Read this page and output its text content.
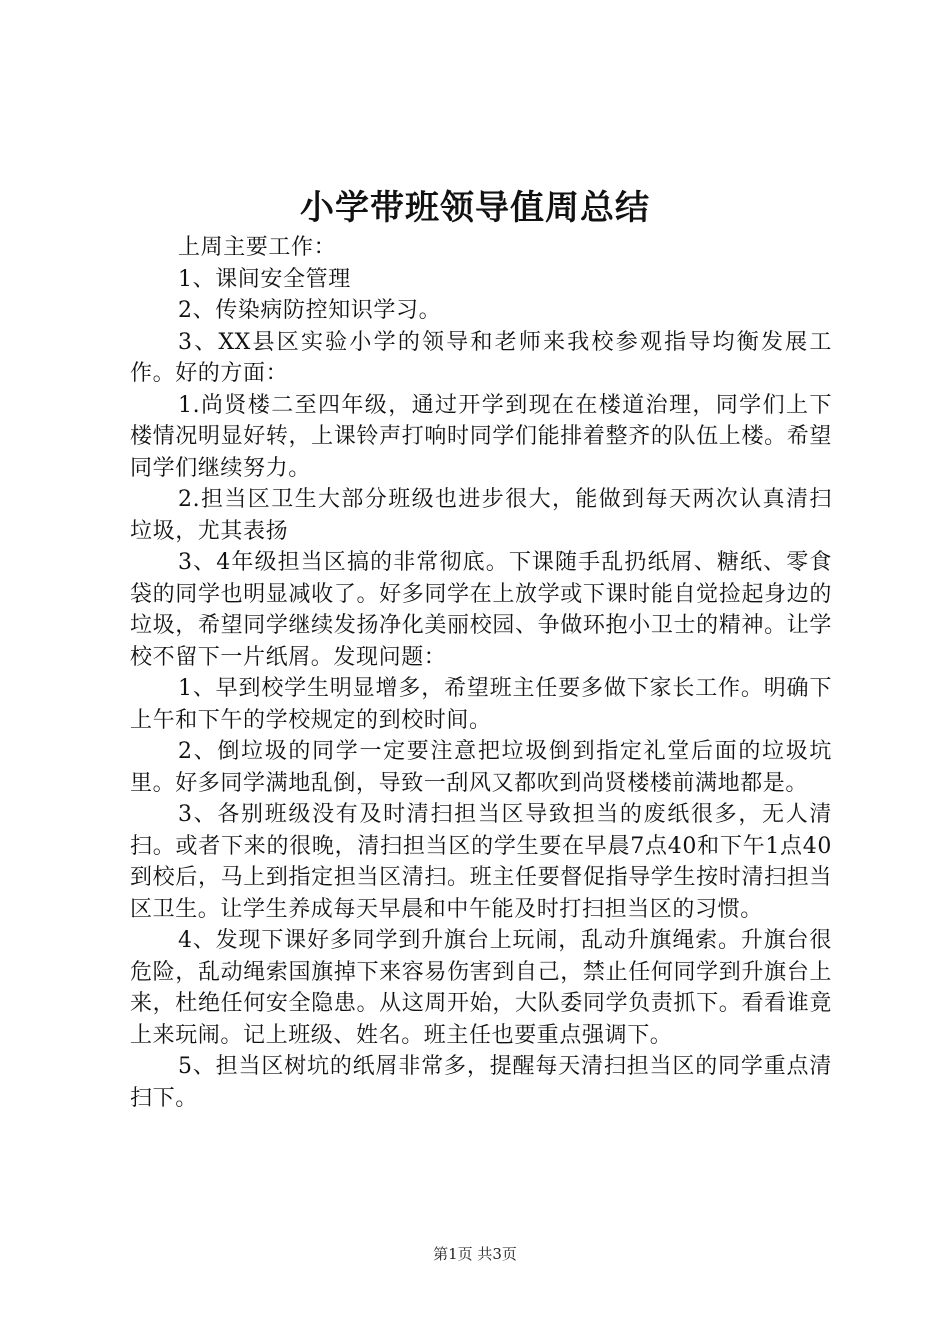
小学带班领导值周总结

上周主要工作：

1、课间安全管理

2、传染病防控知识学习。

3、XX县区实验小学的领导和老师来我校参观指导均衡发展工作。好的方面：

1.尚贤楼二至四年级，通过开学到现在在楼道治理，同学们上下楼情况明显好转，上课铃声打响时同学们能排着整齐的队伍上楼。希望同学们继续努力。

2.担当区卫生大部分班级也进步很大，能做到每天两次认真清扫垃圾，尤其表扬

3、4年级担当区搞的非常彻底。下课随手乱扔纸屑、糖纸、零食袋的同学也明显减收了。好多同学在上放学或下课时能自觉捡起身边的垃圾，希望同学继续发扬净化美丽校园、争做环抱小卫士的精神。让学校不留下一片纸屑。发现问题：

1、早到校学生明显增多，希望班主任要多做下家长工作。明确下上午和下午的学校规定的到校时间。

2、倒垃圾的同学一定要注意把垃圾倒到指定礼堂后面的垃圾坑里。好多同学满地乱倒，导致一刮风又都吹到尚贤楼楼前满地都是。

3、各别班级没有及时清扫担当区导致担当的废纸很多，无人清扫。或者下来的很晚，清扫担当区的学生要在早晨7点40和下午1点40到校后，马上到指定担当区清扫。班主任要督促指导学生按时清扫担当区卫生。让学生养成每天早晨和中午能及时打扫担当区的习惯。

4、发现下课好多同学到升旗台上玩闹，乱动升旗绳索。升旗台很危险，乱动绳索国旗掉下来容易伤害到自己，禁止任何同学到升旗台上来，杜绝任何安全隐患。从这周开始，大队委同学负责抓下。看看谁竟上来玩闹。记上班级、姓名。班主任也要重点强调下。

5、担当区树坑的纸屑非常多，提醒每天清扫担当区的同学重点清扫下。

第1页 共3页
